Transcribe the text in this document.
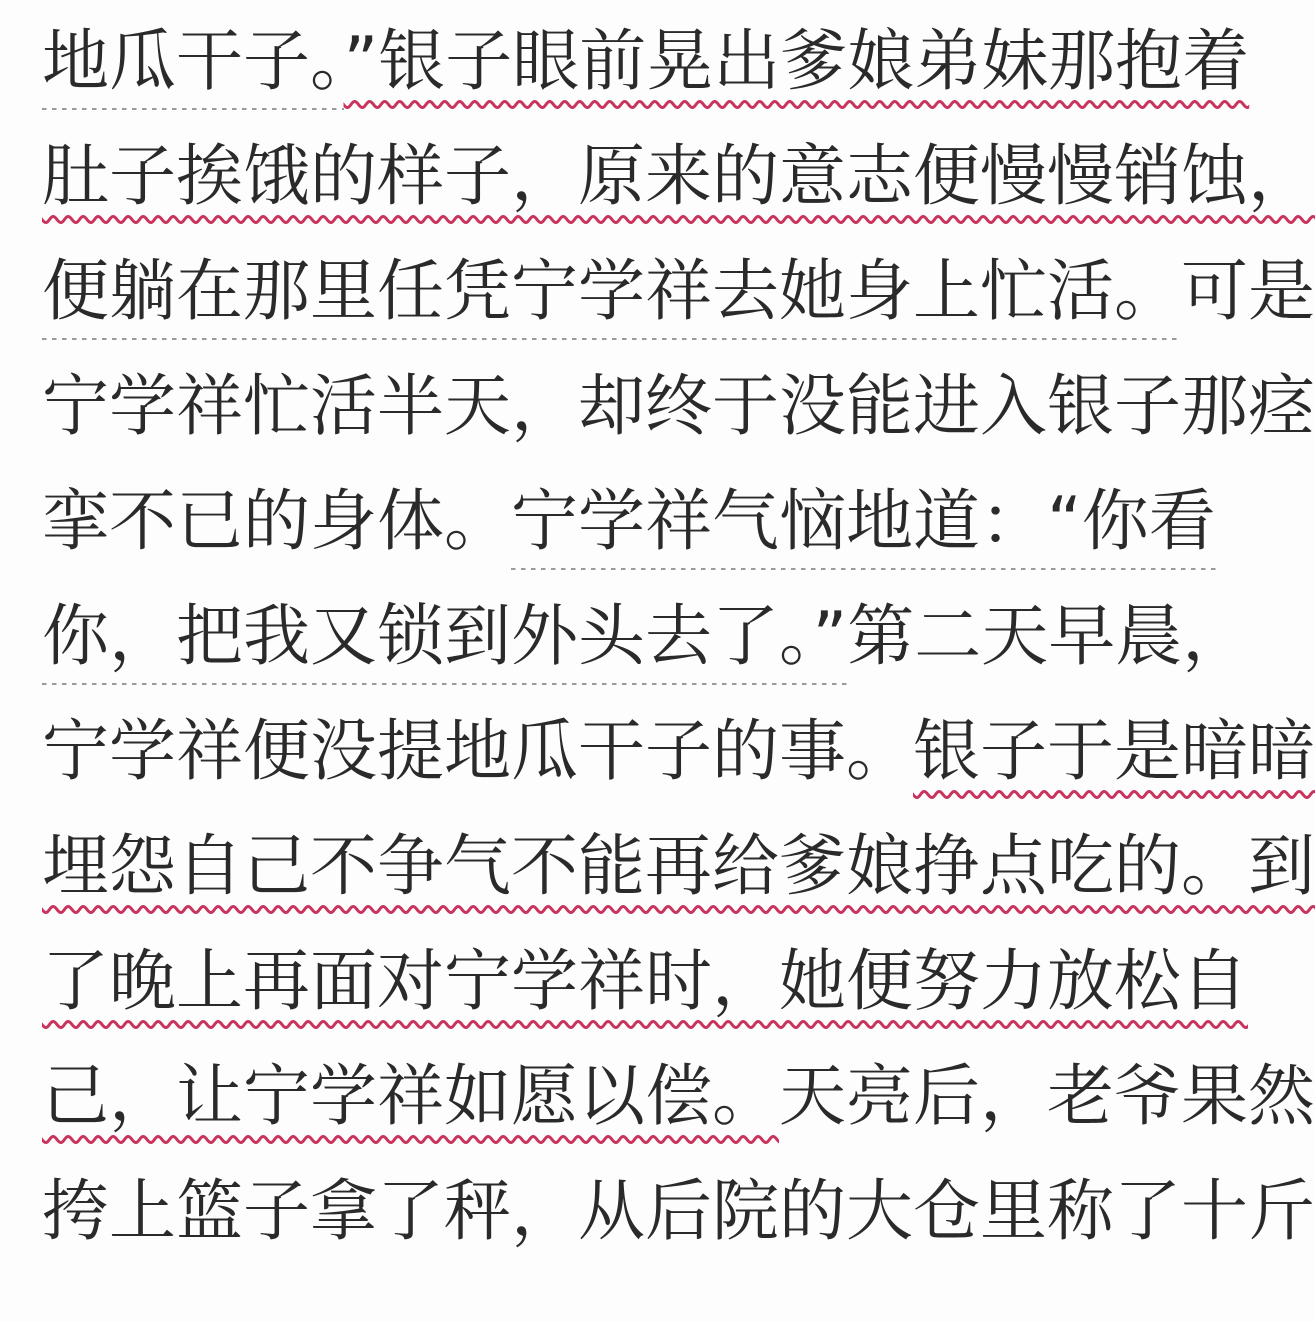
地瓜干子。”银子眼前晃出爹娘弟妹那抱着
肚子挨饿的样子，原来的意志便慢慢销蚀，
便躺在那里任凭宁学祥去她身上忙活。可是
宁学祥忙活半天，却终于没能进入银子那痉
挛不已的身体。宁学祥气恼地道：“你看
你，把我又锁到外头去了。”第二天早晨，
宁学祥便没提地瓜干子的事。银子于是暗暗
埋怨自己不争气不能再给爹娘挣点吃的。到
了晚上再面对宁学祥时，她便努力放松自
己，让宁学祥如愿以偿。天亮后，老爷果然
挎上篮子拿了秤，从后院的大仓里称了十斤
